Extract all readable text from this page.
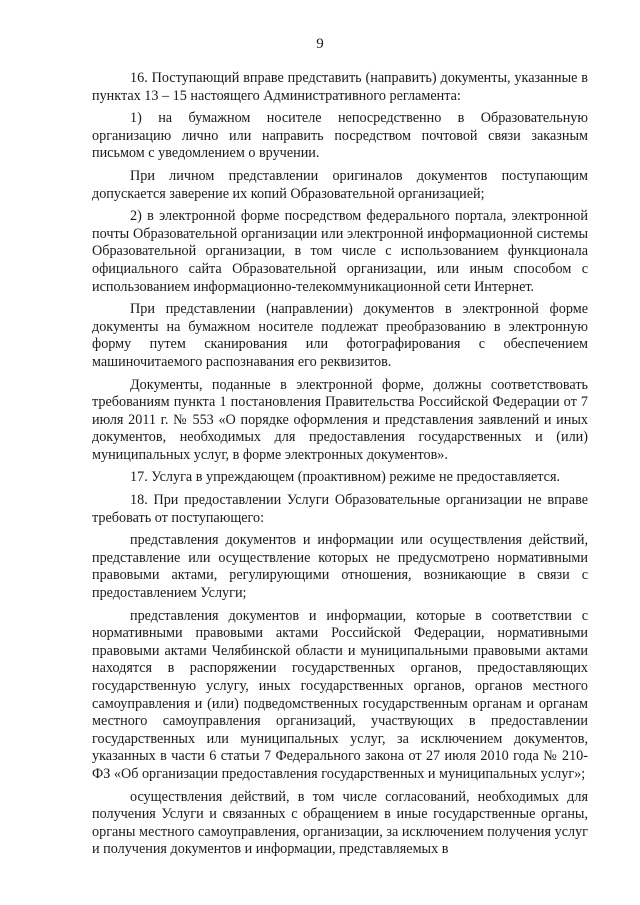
9

16. Поступающий вправе представить (направить) документы, указанные в пунктах 13 – 15 настоящего Административного регламента:

1) на бумажном носителе непосредственно в Образовательную организацию лично или направить посредством почтовой связи заказным письмом с уведомлением о вручении.

При личном представлении оригиналов документов поступающим допускается заверение их копий Образовательной организацией;

2) в электронной форме посредством федерального портала, электронной почты Образовательной организации или электронной информационной системы Образовательной организации, в том числе с использованием функционала официального сайта Образовательной организации, или иным способом с использованием информационно-телекоммуникационной сети Интернет.

При представлении (направлении) документов в электронной форме документы на бумажном носителе подлежат преобразованию в электронную форму путем сканирования или фотографирования с обеспечением машиночитаемого распознавания его реквизитов.

Документы, поданные в электронной форме, должны соответствовать требованиям пункта 1 постановления Правительства Российской Федерации от 7 июля 2011 г. № 553 «О порядке оформления и представления заявлений и иных документов, необходимых для предоставления государственных и (или) муниципальных услуг, в форме электронных документов».

17. Услуга в упреждающем (проактивном) режиме не предоставляется.

18. При предоставлении Услуги Образовательные организации не вправе требовать от поступающего:

представления документов и информации или осуществления действий, представление или осуществление которых не предусмотрено нормативными правовыми актами, регулирующими отношения, возникающие в связи с предоставлением Услуги;

представления документов и информации, которые в соответствии с нормативными правовыми актами Российской Федерации, нормативными правовыми актами Челябинской области и муниципальными правовыми актами находятся в распоряжении государственных органов, предоставляющих государственную услугу, иных государственных органов, органов местного самоуправления и (или) подведомственных государственным органам и органам местного самоуправления организаций, участвующих в предоставлении государственных или муниципальных услуг, за исключением документов, указанных в части 6 статьи 7 Федерального закона от 27 июля 2010 года № 210-ФЗ «Об организации предоставления государственных и муниципальных услуг»;

осуществления действий, в том числе согласований, необходимых для получения Услуги и связанных с обращением в иные государственные органы, органы местного самоуправления, организации, за исключением получения услуг и получения документов и информации, представляемых в
